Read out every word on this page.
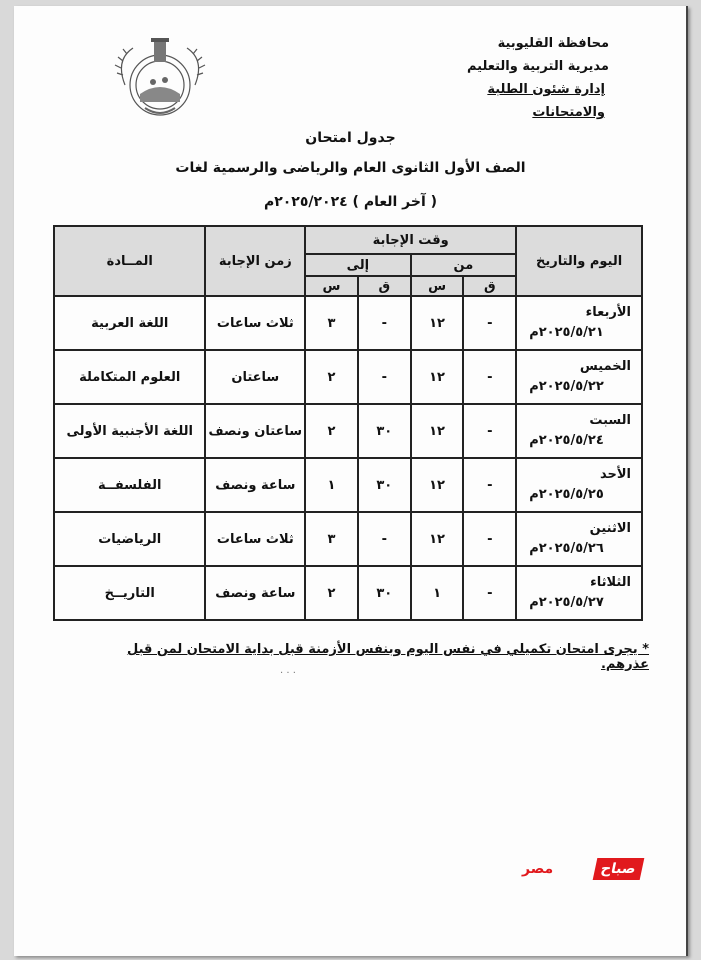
محافظة القليوبية
مديرية التربية والتعليم
إدارة شئون الطلبة والامتحانات
جدول امتحان
الصف الأول الثانوى العام والرياضى والرسمية لغات
( آخر العام ) ٢٠٢٥/٢٠٢٤م
اليوم والتاريخ	وقت الإجابة				زمن الإجابة	المــادة
	من		إلى			
	ق	س	ق	س		

الأربعاء
٢٠٢٥/٥/٢١م	-	١٢	-	٣	ثلاث ساعات	اللغة العربية

الخميس
٢٠٢٥/٥/٢٢م	-	١٢	-	٢	ساعتان	العلوم المتكاملة

السبت
٢٠٢٥/٥/٢٤م	-	١٢	٣٠	٢	ساعتان ونصف	اللغة الأجنبية الأولى

الأحد
٢٠٢٥/٥/٢٥م	-	١٢	٣٠	١	ساعة ونصف	الفلسفــة

الاثنين
٢٠٢٥/٥/٢٦م	-	١٢	-	٣	ثلاث ساعات	الرياضيات

الثلاثاء
٢٠٢٥/٥/٢٧م	-	١	٣٠	٢	ساعة ونصف	التاريــخ
* يجرى امتحان تكميلي في نفس اليوم وبنفس الأزمنة قبل بداية الامتحان لمن قبل عذرهم.
· · ·
صباح
مصر
